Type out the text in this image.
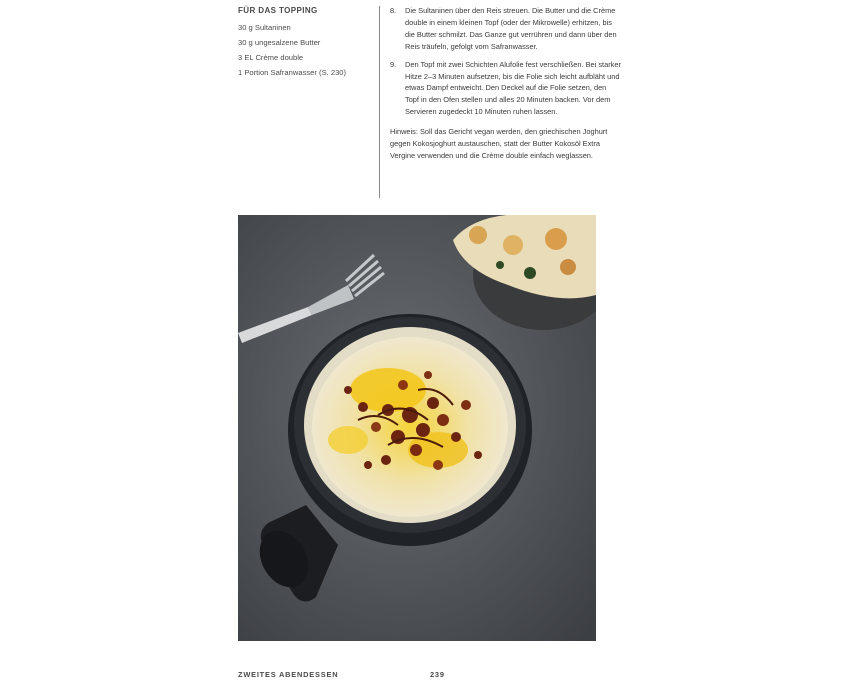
FÜR DAS TOPPING
30 g Sultaninen
30 g ungesalzene Butter
3 EL Crème double
1 Portion Safranwasser (S. 230)
8. Die Sultaninen über den Reis streuen. Die Butter und die Crème double in einem kleinen Topf (oder der Mikrowelle) erhitzen, bis die Butter schmilzt. Das Ganze gut verrühren und dann über den Reis träufeln, gefolgt vom Safranwasser.
9. Den Topf mit zwei Schichten Alufolie fest verschließen. Bei starker Hitze 2–3 Minuten aufsetzen, bis die Folie sich leicht aufbläht und etwas Dampf entweicht. Den Deckel auf die Folie setzen, den Topf in den Ofen stellen und alles 20 Minuten backen. Vor dem Servieren zugedeckt 10 Minuten ruhen lassen.
Hinweis: Soll das Gericht vegan werden, den griechischen Joghurt gegen Kokosjoghurt austauschen, statt der Butter Kokosöl Extra Vergine verwenden und die Crème double einfach weglassen.
ZWEITES ABENDESSEN	239
